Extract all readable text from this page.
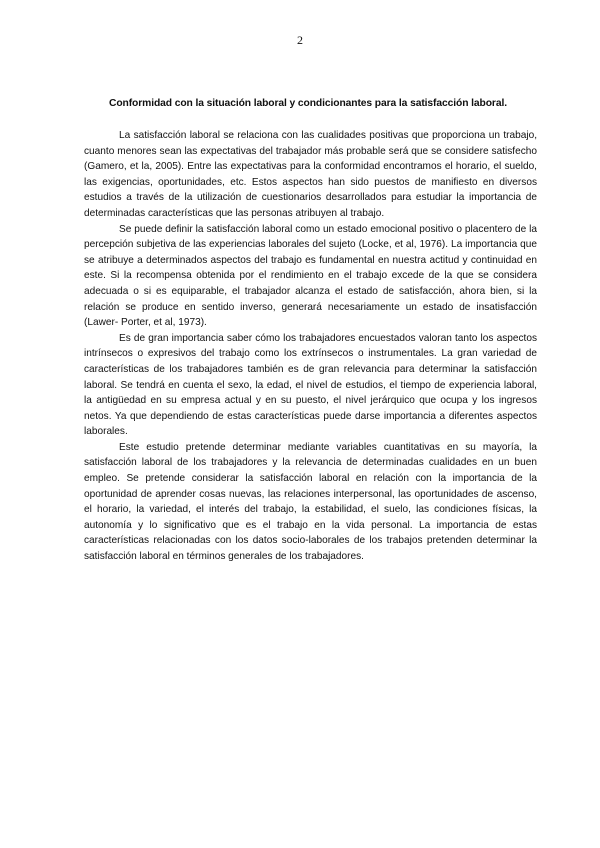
2
Conformidad con la situación laboral y condicionantes para la satisfacción laboral.

La satisfacción laboral se relaciona con las cualidades positivas que proporciona un trabajo, cuanto menores sean las expectativas del trabajador más probable será que se considere satisfecho (Gamero, et la, 2005). Entre las expectativas para la conformidad encontramos el horario, el sueldo, las exigencias, oportunidades, etc. Estos aspectos han sido puestos de manifiesto en diversos estudios a través de la utilización de cuestionarios desarrollados para estudiar la importancia de determinadas características que las personas atribuyen al trabajo.

Se puede definir la satisfacción laboral como un estado emocional positivo o placentero de la percepción subjetiva de las experiencias laborales del sujeto (Locke, et al, 1976). La importancia que se atribuye a determinados aspectos del trabajo es fundamental en nuestra actitud y continuidad en este. Si la recompensa obtenida por el rendimiento en el trabajo excede de la que se considera adecuada o si es equiparable, el trabajador alcanza el estado de satisfacción, ahora bien, si la relación se produce en sentido inverso, generará necesariamente un estado de insatisfacción (Lawer- Porter, et al, 1973).

Es de gran importancia saber cómo los trabajadores encuestados valoran tanto los aspectos intrínsecos o expresivos del trabajo como los extrínsecos o instrumentales. La gran variedad de características de los trabajadores también es de gran relevancia para determinar la satisfacción laboral. Se tendrá en cuenta el sexo, la edad, el nivel de estudios, el tiempo de experiencia laboral, la antigüedad en su empresa actual y en su puesto, el nivel jerárquico que ocupa y los ingresos netos. Ya que dependiendo de estas características puede darse importancia a diferentes aspectos laborales.

Este estudio pretende determinar mediante variables cuantitativas en su mayoría, la satisfacción laboral de los trabajadores y la relevancia de determinadas cualidades en un buen empleo. Se pretende considerar la satisfacción laboral en relación con la importancia de la oportunidad de aprender cosas nuevas, las relaciones interpersonal, las oportunidades de ascenso, el horario, la variedad, el interés del trabajo, la estabilidad, el suelo, las condiciones físicas, la autonomía y lo significativo que es el trabajo en la vida personal. La importancia de estas características relacionadas con los datos socio-laborales de los trabajos pretenden determinar la satisfacción laboral en términos generales de los trabajadores.
